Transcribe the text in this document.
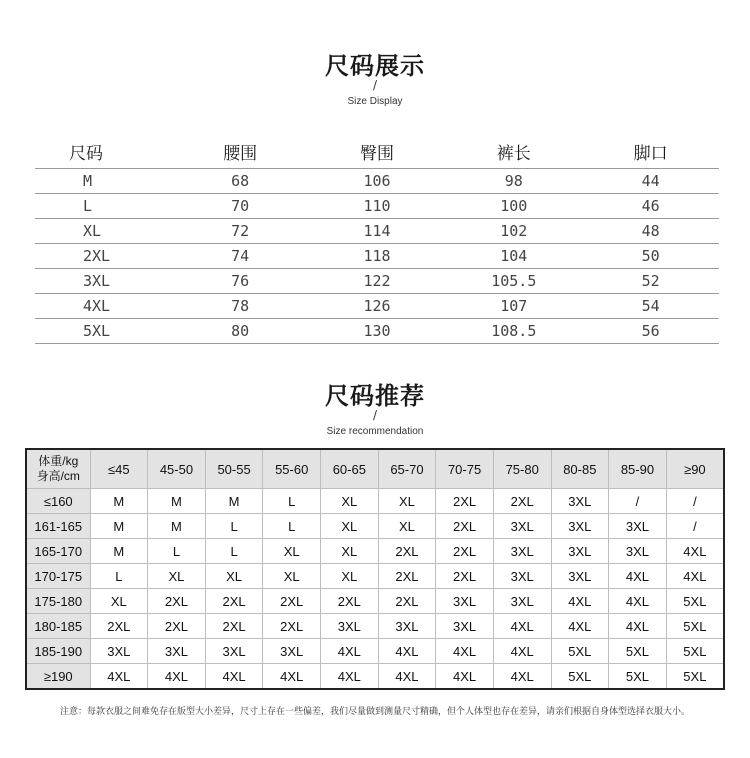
尺码展示
/
Size Display
尺码	腰围	臀围	裤长	脚口
M	68	106	98	44
L	70	110	100	46
XL	72	114	102	48
2XL	74	118	104	50
3XL	76	122	105.5	52
4XL	78	126	107	54
5XL	80	130	108.5	56
尺码推荐
/
Size recommendation
体重/kg
身高/cm	≤45	45-50	50-55	55-60	60-65	65-70	70-75	75-80	80-85	85-90	≥90
≤160	M	M	M	L	XL	XL	2XL	2XL	3XL	/	/
161-165	M	M	L	L	XL	XL	2XL	3XL	3XL	3XL	/
165-170	M	L	L	XL	XL	2XL	2XL	3XL	3XL	3XL	4XL
170-175	L	XL	XL	XL	XL	2XL	2XL	3XL	3XL	4XL	4XL
175-180	XL	2XL	2XL	2XL	2XL	2XL	3XL	3XL	4XL	4XL	5XL
180-185	2XL	2XL	2XL	2XL	3XL	3XL	3XL	4XL	4XL	4XL	5XL
185-190	3XL	3XL	3XL	3XL	4XL	4XL	4XL	4XL	5XL	5XL	5XL
≥190	4XL	4XL	4XL	4XL	4XL	4XL	4XL	4XL	5XL	5XL	5XL
注意：每款衣服之间难免存在版型大小差异，尺寸上存在一些偏差，我们尽量做到测量尺寸精确，但个人体型也存在差异，请亲们根据自身体型选择衣服大小。
